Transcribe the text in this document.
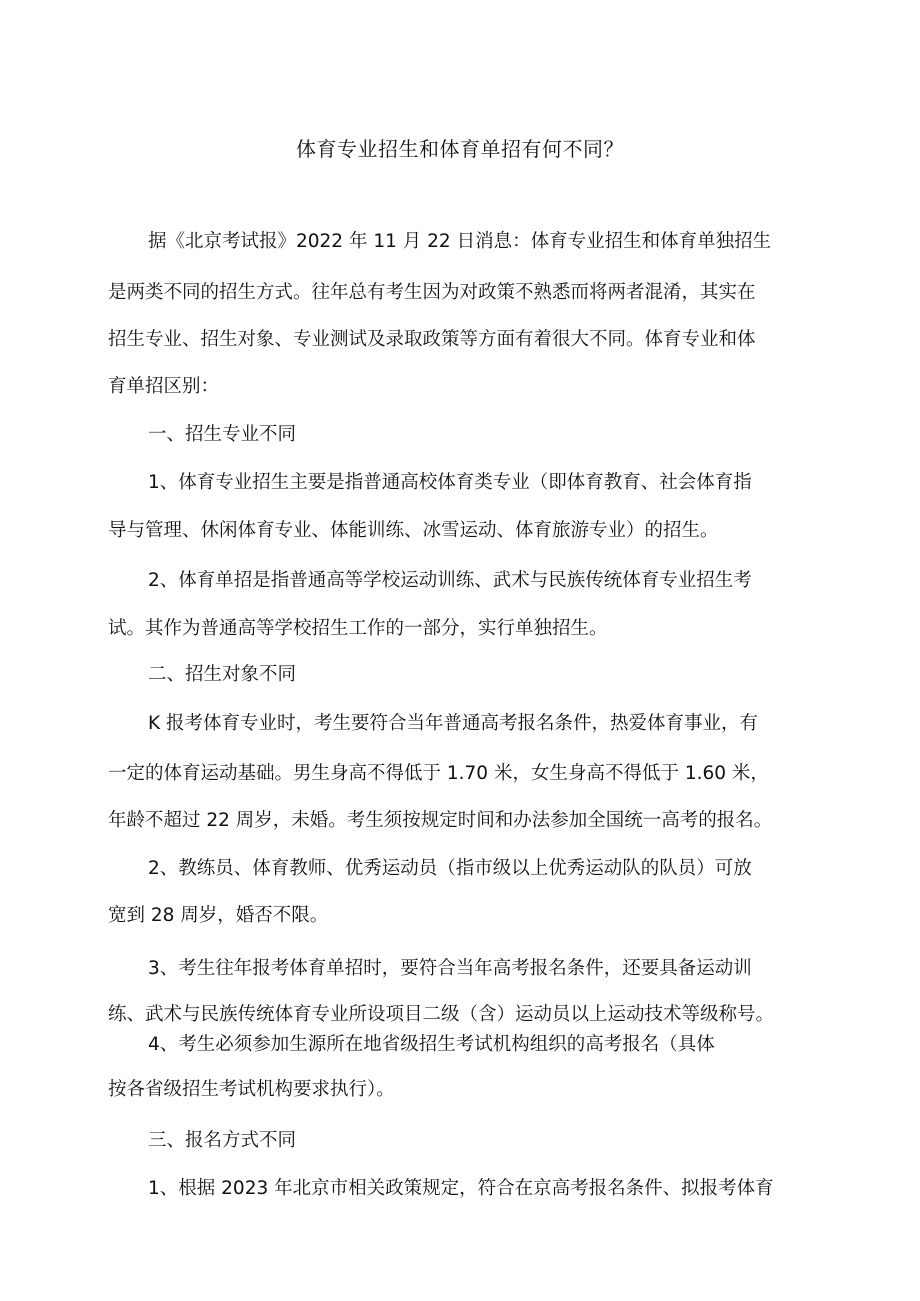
体育专业招生和体育单招有何不同？

据《北京考试报》2022 年 11 月 22 日消息：体育专业招生和体育单独招生

是两类不同的招生方式。往年总有考生因为对政策不熟悉而将两者混淆，其实在

招生专业、招生对象、专业测试及录取政策等方面有着很大不同。体育专业和体

育单招区别：

一、招生专业不同

1、体育专业招生主要是指普通高校体育类专业（即体育教育、社会体育指

导与管理、休闲体育专业、体能训练、冰雪运动、体育旅游专业）的招生。

2、体育单招是指普通高等学校运动训练、武术与民族传统体育专业招生考

试。其作为普通高等学校招生工作的一部分，实行单独招生。

二、招生对象不同

K 报考体育专业时，考生要符合当年普通高考报名条件，热爱体育事业，有

一定的体育运动基础。男生身高不得低于 1.70 米，女生身高不得低于 1.60 米，

年龄不超过 22 周岁，未婚。考生须按规定时间和办法参加全国统一高考的报名。

2、教练员、体育教师、优秀运动员（指市级以上优秀运动队的队员）可放

宽到 28 周岁，婚否不限。

3、考生往年报考体育单招时，要符合当年高考报名条件，还要具备运动训

练、武术与民族传统体育专业所设项目二级（含）运动员以上运动技术等级称号。

4、考生必须参加生源所在地省级招生考试机构组织的高考报名（具体

按各省级招生考试机构要求执行）。

三、报名方式不同

1、根据 2023 年北京市相关政策规定，符合在京高考报名条件、拟报考体育
